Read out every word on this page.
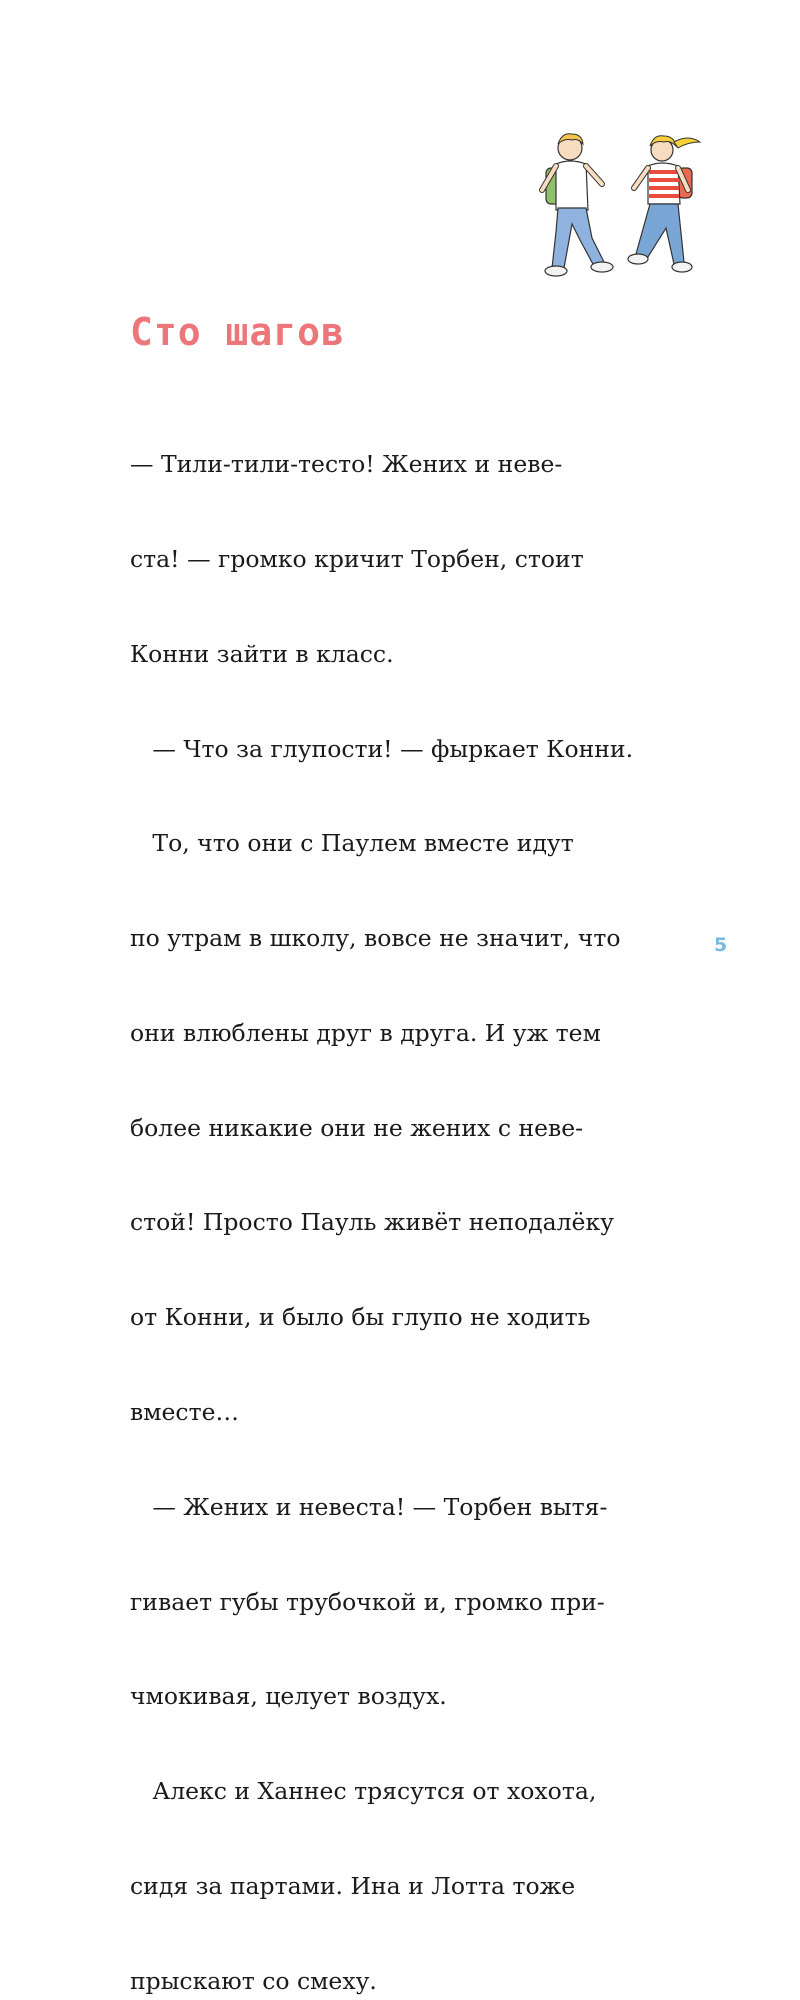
Сто шагов

— Тили-тили-тесто! Жених и неве-

ста! — громко кричит Торбен, стоит

Конни зайти в класс.

— Что за глупости! — фыркает Конни.

То, что они с Паулем вместе идут

по утрам в школу, вовсе не значит, что

они влюблены друг в друга. И уж тем

более никакие они не жених с неве-

стой! Просто Пауль живёт неподалёку

от Конни, и было бы глупо не ходить

вместе…

— Жених и невеста! — Торбен вытя-

гивает губы трубочкой и, громко при-

чмокивая, целует воздух.

Алекс и Ханнес трясутся от хохота,

сидя за партами. Ина и Лотта тоже

прыскают со смеху.

5
